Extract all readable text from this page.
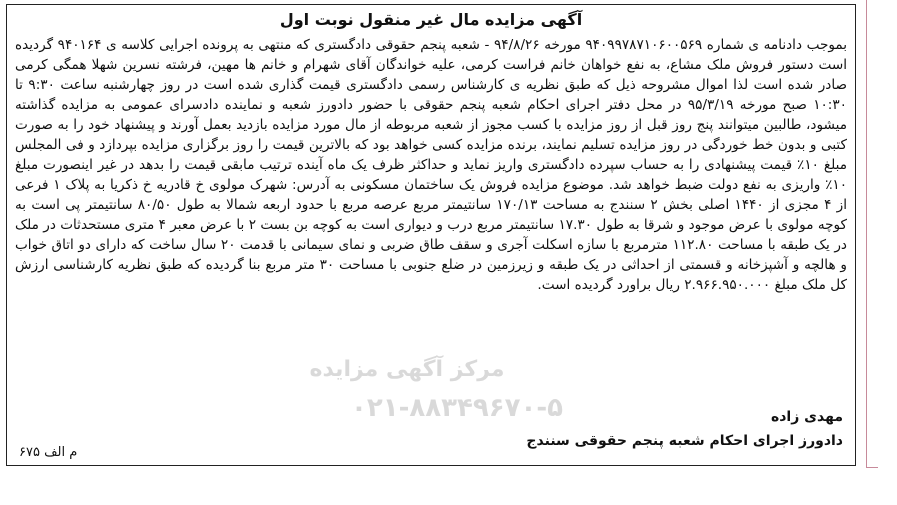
آگهی مزایده مال غیر منقول نوبت اول
مرکز آگهی مزایده
۰۲۱-۸۸۳۴۹۶۷۰-۵
بموجب دادنامه ی شماره ۹۴۰۹۹۷۸۷۱۰۶۰۰۵۶۹ مورخه ۹۴/۸/۲۶ - شعبه پنجم حقوقی دادگستری که منتهی به پرونده اجرایی کلاسه ی ۹۴۰۱۶۴ گردیده است دستور فروش ملک مشاع، به نفع خواهان خانم فراست کرمی، علیه خواندگان آقای شهرام و خانم ها مهین، فرشته نسرین شهلا همگی کرمی صادر شده است لذا اموال مشروحه ذیل که طبق نظریه ی کارشناس رسمی دادگستری قیمت گذاری شده است در روز چهارشنبه ساعت ۹:۳۰ تا ۱۰:۳۰ صبح مورخه ۹۵/۳/۱۹ در محل دفتر اجرای احکام شعبه پنجم حقوقی با حضور دادورز شعبه و نماینده دادسرای عمومی به مزایده گذاشته میشود، طالبین میتوانند پنج روز قبل از روز مزایده با کسب مجوز از شعبه مربوطه از مال مورد مزایده بازدید بعمل آورند و پیشنهاد خود را به صورت کتبی و بدون خط خوردگی در روز مزایده تسلیم نمایند، برنده مزایده کسی خواهد بود که بالاترین قیمت را روز برگزاری مزایده بپردازد و فی المجلس مبلغ ۱۰٪ قیمت پیشنهادی را به حساب سپرده دادگستری واریز نماید و حداکثر ظرف یک ماه آینده ترتیب مابقی قیمت را بدهد در غیر اینصورت مبلغ ۱۰٪ واریزی به نفع دولت ضبط خواهد شد. موضوع مزایده فروش یک ساختمان مسکونی به آدرس: شهرک مولوی خ قادریه خ ذکریا به پلاک ۱ فرعی از ۴ مجزی از ۱۴۴۰ اصلی بخش ۲ سنندج به مساحت ۱۷۰/۱۳ سانتیمتر مربع عرصه مربع با حدود اربعه شمالا به طول ۸۰/۵۰ سانتیمتر پی است به کوچه مولوی با عرض موجود و شرقا به طول ۱۷.۳۰ سانتیمتر مربع درب و دیواری است به کوچه بن بست ۲ با عرض معبر ۴ متری مستحدثات در ملک در یک طبقه با مساحت ۱۱۲.۸۰ مترمربع با سازه اسکلت آجری و سقف طاق ضربی و نمای سیمانی با قدمت ۲۰ سال ساخت که دارای دو اتاق خواب و هالچه و آشپزخانه و قسمتی از احداثی در یک طبقه و زیرزمین در ضلع جنوبی با مساحت ۳۰ متر مربع بنا گردیده که طبق نظریه کارشناسی ارزش کل ملک مبلغ ۲.۹۶۶.۹۵۰.۰۰۰ ریال براورد گردیده است.
مهدی زاده
دادورز اجرای احکام شعبه پنجم حقوقی سنندج
م الف ۶۷۵
